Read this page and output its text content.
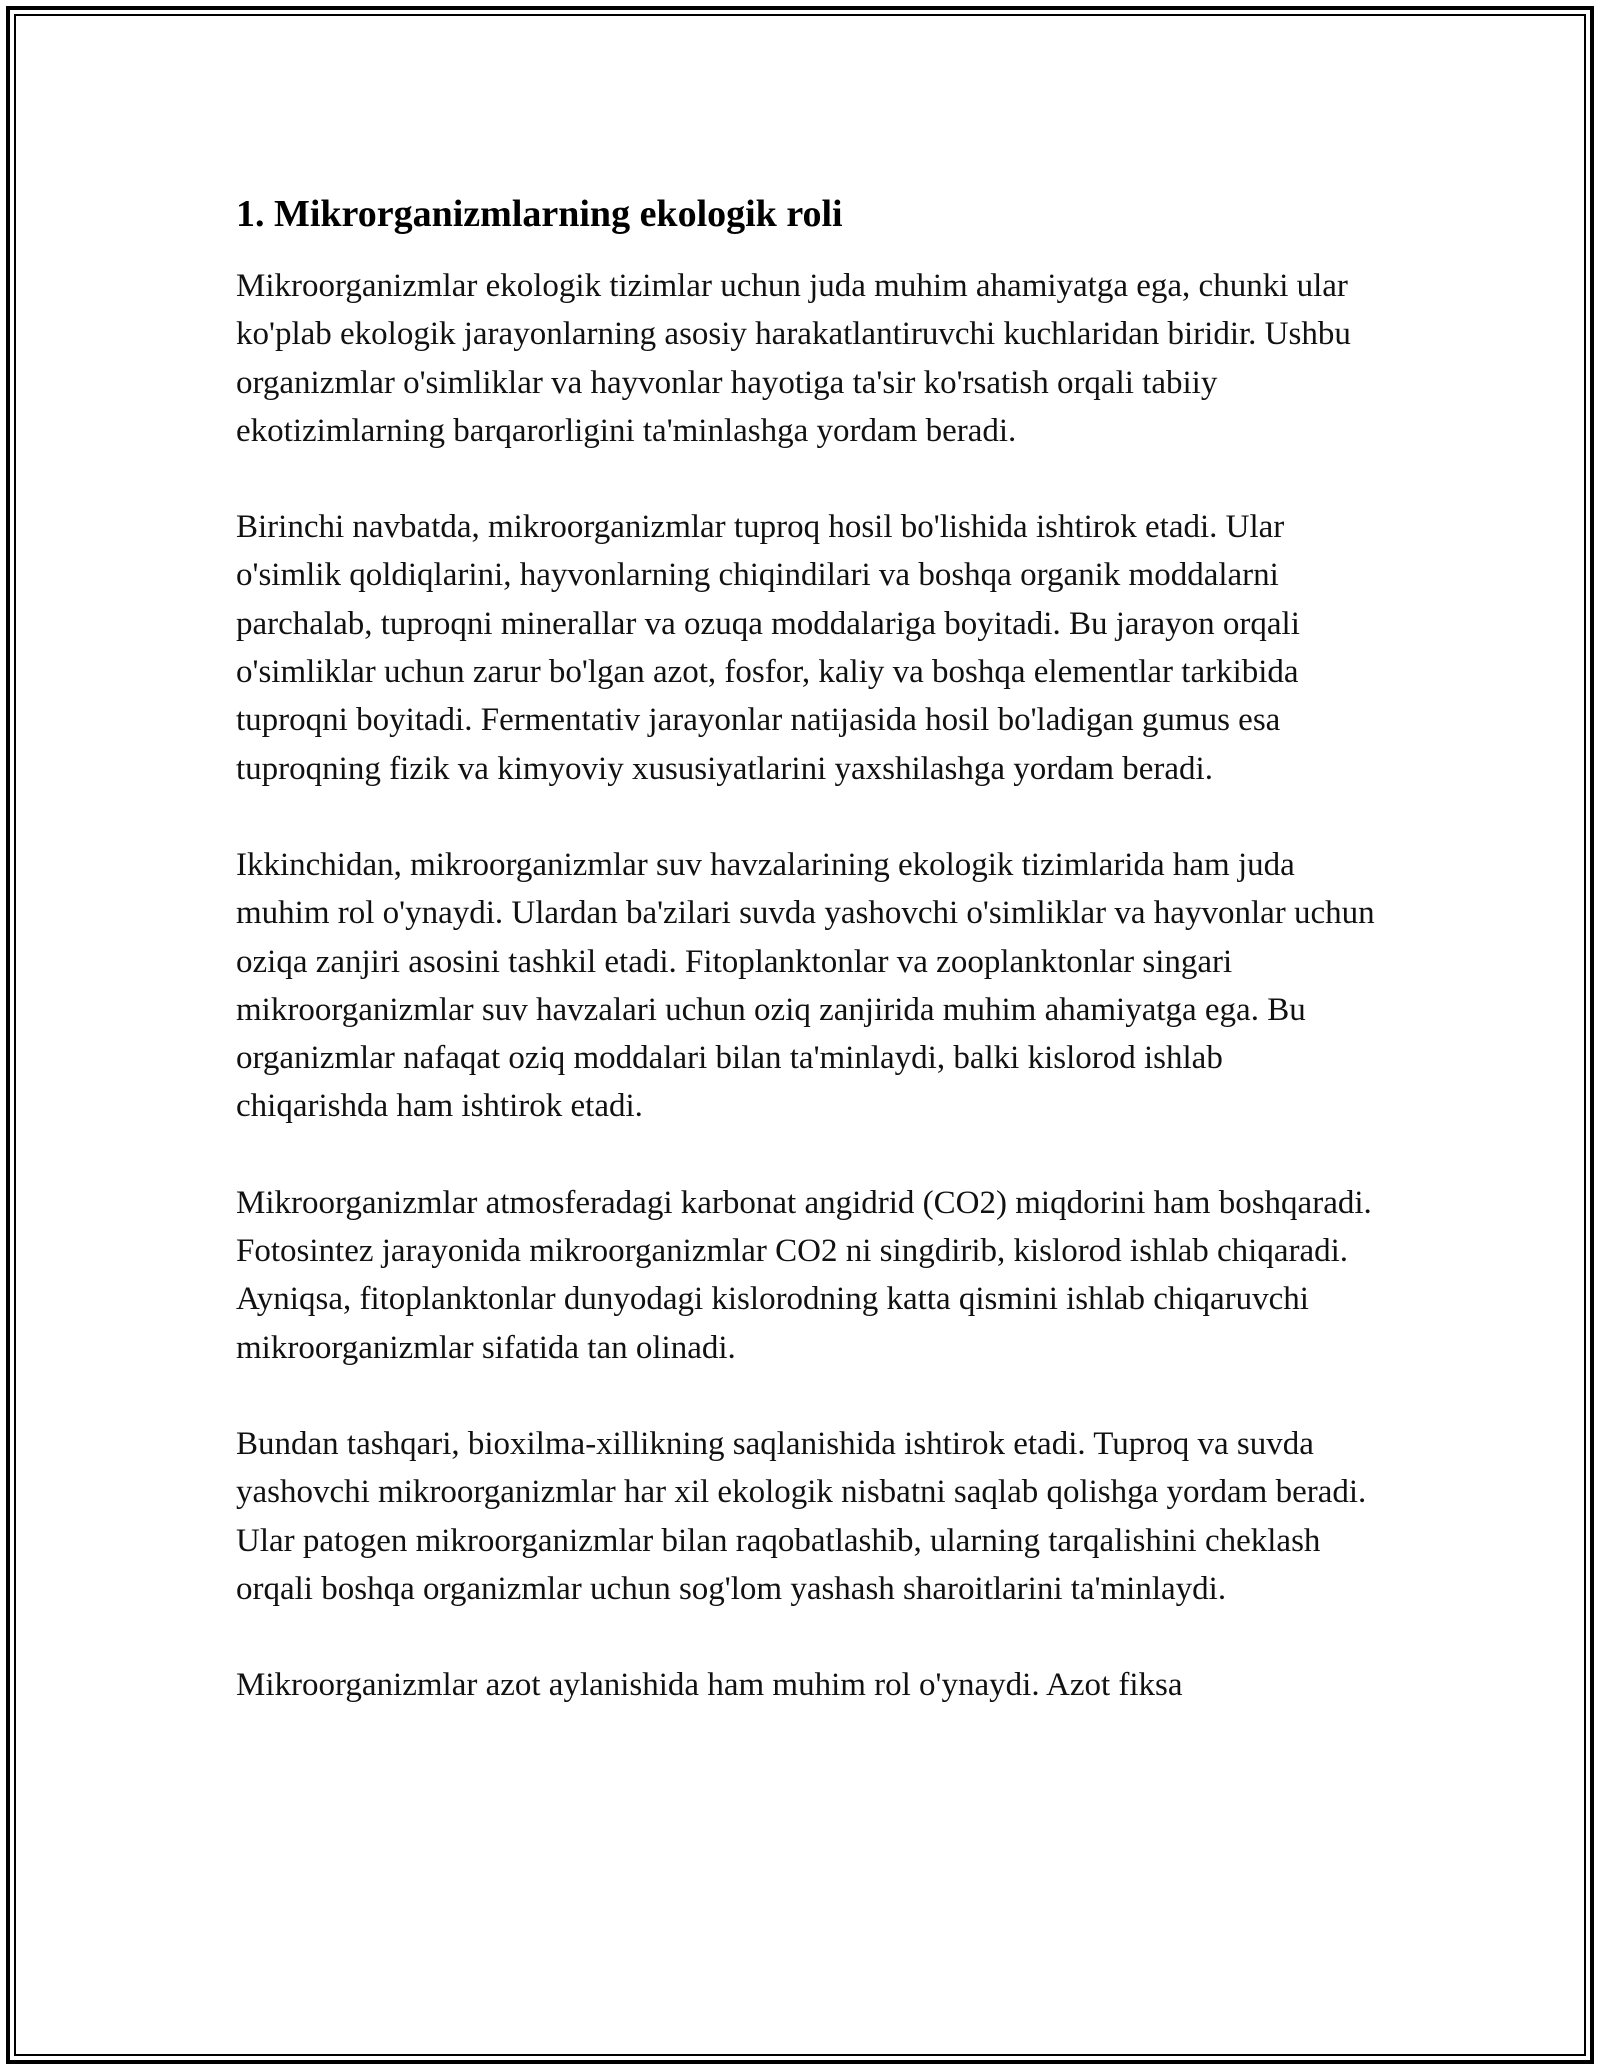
1. Mikrorganizmlarning ekologik roli

Mikroorganizmlar ekologik tizimlar uchun juda muhim ahamiyatga ega, chunki ular ko'plab ekologik jarayonlarning asosiy harakatlantiruvchi kuchlaridan biridir. Ushbu organizmlar o'simliklar va hayvonlar hayotiga ta'sir ko'rsatish orqali tabiiy ekotizimlarning barqarorligini ta'minlashga yordam beradi.

Birinchi navbatda, mikroorganizmlar tuproq hosil bo'lishida ishtirok etadi. Ular o'simlik qoldiqlarini, hayvonlarning chiqindilari va boshqa organik moddalarni parchalab, tuproqni minerallar va ozuqa moddalariga boyitadi. Bu jarayon orqali o'simliklar uchun zarur bo'lgan azot, fosfor, kaliy va boshqa elementlar tarkibida tuproqni boyitadi. Fermentativ jarayonlar natijasida hosil bo'ladigan gumus esa tuproqning fizik va kimyoviy xususiyatlarini yaxshilashga yordam beradi.

Ikkinchidan, mikroorganizmlar suv havzalarining ekologik tizimlarida ham juda muhim rol o'ynaydi. Ulardan ba'zilari suvda yashovchi o'simliklar va hayvonlar uchun oziqa zanjiri asosini tashkil etadi. Fitoplanktonlar va zooplanktonlar singari mikroorganizmlar suv havzalari uchun oziq zanjirida muhim ahamiyatga ega. Bu organizmlar nafaqat oziq moddalari bilan ta'minlaydi, balki kislorod ishlab chiqarishda ham ishtirok etadi.

Mikroorganizmlar atmosferadagi karbonat angidrid (CO2) miqdorini ham boshqaradi. Fotosintez jarayonida mikroorganizmlar CO2 ni singdirib, kislorod ishlab chiqaradi. Ayniqsa, fitoplanktonlar dunyodagi kislorodning katta qismini ishlab chiqaruvchi mikroorganizmlar sifatida tan olinadi.

Bundan tashqari, bioxilma-xillikning saqlanishida ishtirok etadi. Tuproq va suvda yashovchi mikroorganizmlar har xil ekologik nisbatni saqlab qolishga yordam beradi. Ular patogen mikroorganizmlar bilan raqobatlashib, ularning tarqalishini cheklash orqali boshqa organizmlar uchun sog'lom yashash sharoitlarini ta'minlaydi.

Mikroorganizmlar azot aylanishida ham muhim rol o'ynaydi. Azot fiksa
